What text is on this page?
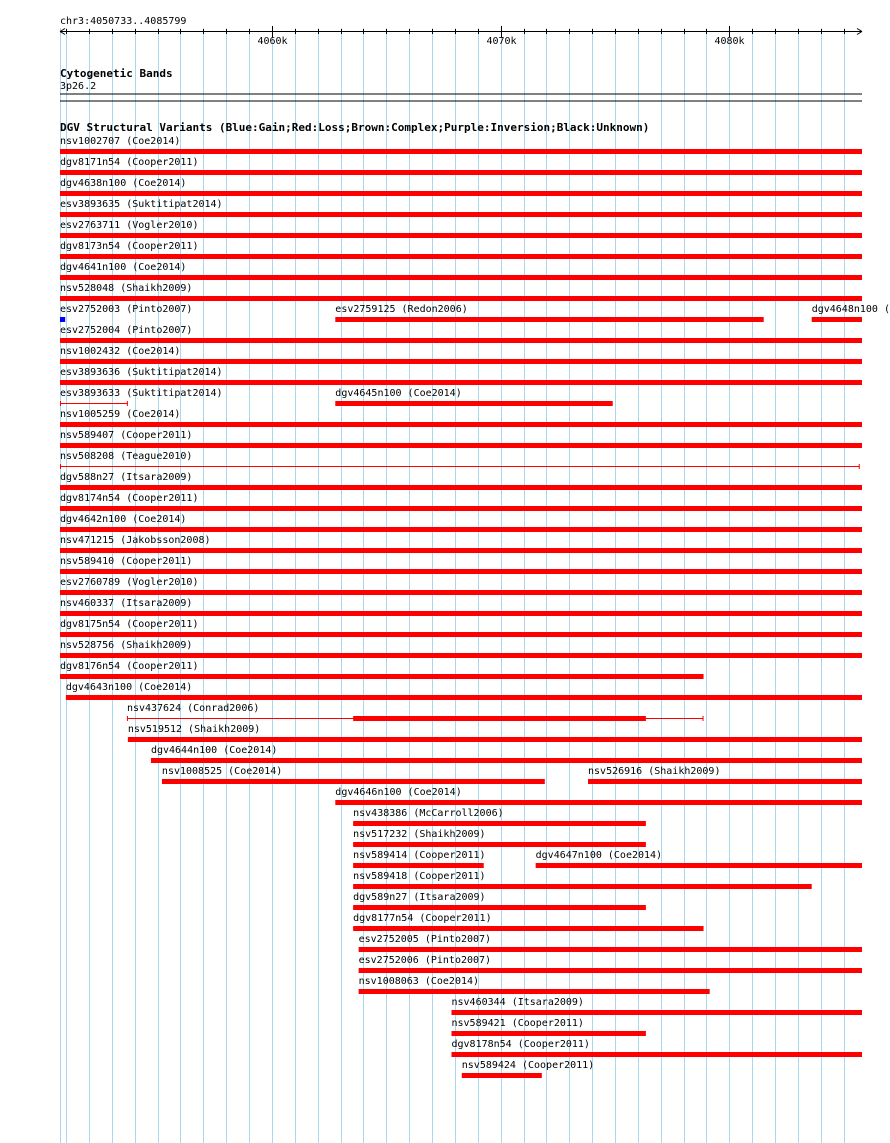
chr3:4050733..4085799
4060k	4070k	4080k
Cytogenetic Bands
3p26.2
DGV Structural Variants (Blue:Gain;Red:Loss;Brown:Complex;Purple:Inversion;Black:Unknown)
nsv1002707 (Coe2014)
dgv8171n54 (Cooper2011)
dgv4638n100 (Coe2014)
esv3893635 (Suktitipat2014)
esv2763711 (Vogler2010)
dgv8173n54 (Cooper2011)
dgv4641n100 (Coe2014)
nsv528048 (Shaikh2009)
esv2752003 (Pinto2007)	esv2759125 (Redon2006)	dgv4648n100 (
esv2752004 (Pinto2007)
nsv1002432 (Coe2014)
esv3893636 (Suktitipat2014)
esv3893633 (Suktitipat2014)	dgv4645n100 (Coe2014)
nsv1005259 (Coe2014)
nsv589407 (Cooper2011)
nsv508208 (Teague2010)
dgv588n27 (Itsara2009)
dgv8174n54 (Cooper2011)
dgv4642n100 (Coe2014)
nsv471215 (Jakobsson2008)
nsv589410 (Cooper2011)
esv2760789 (Vogler2010)
nsv460337 (Itsara2009)
dgv8175n54 (Cooper2011)
nsv528756 (Shaikh2009)
dgv8176n54 (Cooper2011)
dgv4643n100 (Coe2014)
nsv437624 (Conrad2006)
nsv519512 (Shaikh2009)
dgv4644n100 (Coe2014)
nsv1008525 (Coe2014)	nsv526916 (Shaikh2009)
dgv4646n100 (Coe2014)
nsv438386 (McCarroll2006)
nsv517232 (Shaikh2009)
nsv589414 (Cooper2011)	dgv4647n100 (Coe2014)
nsv589418 (Cooper2011)
dgv589n27 (Itsara2009)
dgv8177n54 (Cooper2011)
esv2752005 (Pinto2007)
esv2752006 (Pinto2007)
nsv1008063 (Coe2014)
nsv460344 (Itsara2009)
nsv589421 (Cooper2011)
dgv8178n54 (Cooper2011)
nsv589424 (Cooper2011)
